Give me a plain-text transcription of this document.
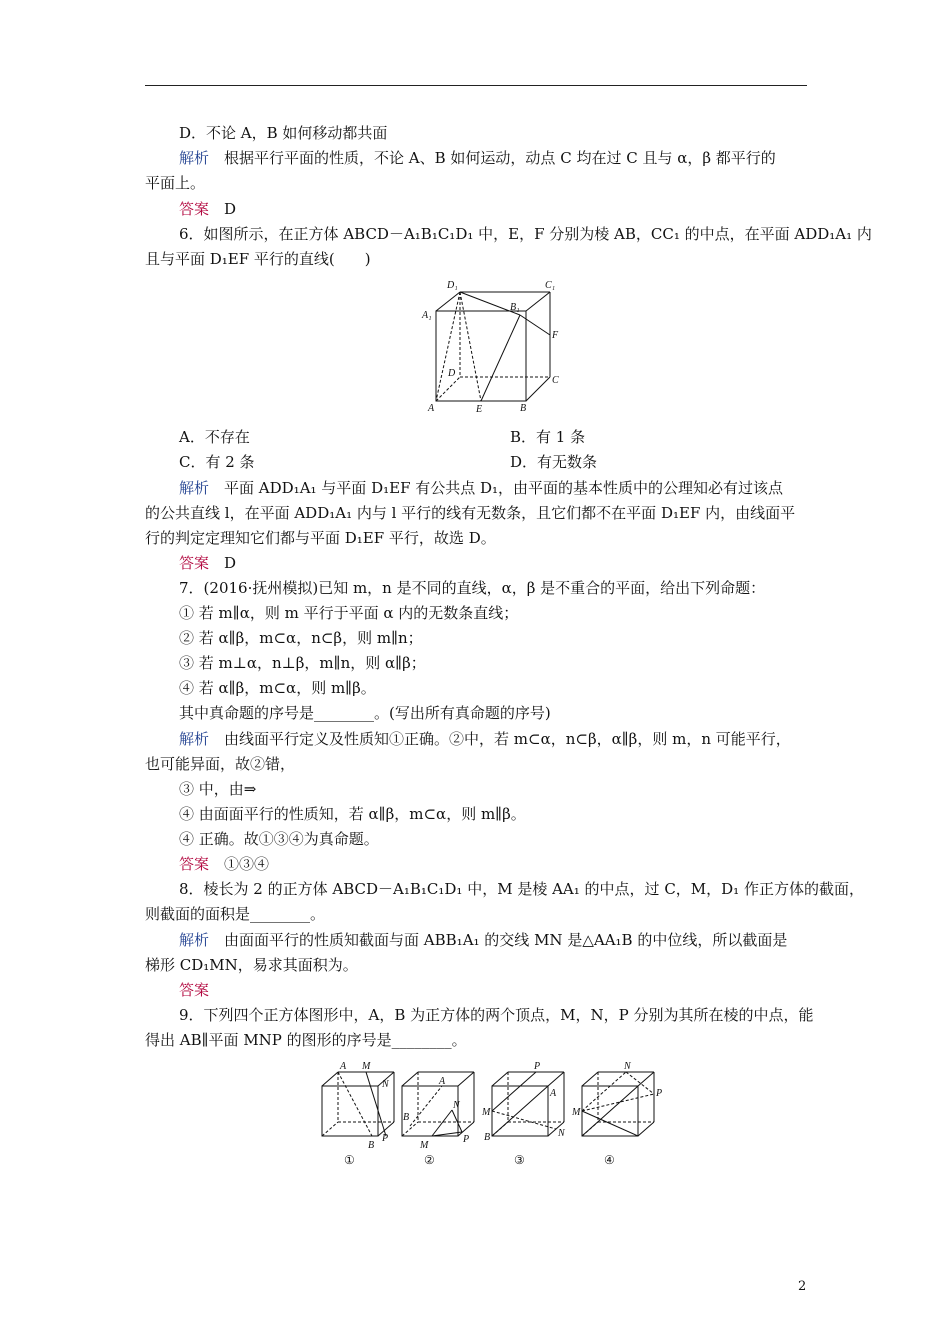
D．不论 A，B 如何移动都共面
解析　 根据平行平面的性质，不论 A、B 如何运动，动点 C 均在过 C 且与 α，β 都平行的
平面上。
答案　 D
6．如图所示，在正方体 ABCD－A₁B₁C₁D₁ 中，E，F 分别为棱 AB，CC₁ 的中点，在平面 ADD₁A₁ 内
且与平面 D₁EF 平行的直线(　　)
D₁	C₁
B₁
A₁
F
D
C
A	E	B
A．不存在	B．有 1 条
C．有 2 条	D．有无数条
解析　 平面 ADD₁A₁ 与平面 D₁EF 有公共点 D₁，由平面的基本性质中的公理知必有过该点
的公共直线 l，在平面 ADD₁A₁ 内与 l 平行的线有无数条，且它们都不在平面 D₁EF 内，由线面平
行的判定定理知它们都与平面 D₁EF 平行，故选 D。
答案　 D
7．(2016·抚州模拟)已知 m，n 是不同的直线，α，β 是不重合的平面，给出下列命题：
① 若 m∥α，则 m 平行于平面 α 内的无数条直线；
② 若 α∥β，m⊂α，n⊂β，则 m∥n；
③ 若 m⊥α，n⊥β，m∥n，则 α∥β；
④ 若 α∥β，m⊂α，则 m∥β。
其中真命题的序号是________。(写出所有真命题的序号)
解析　 由线面平行定义及性质知①正确。②中，若 m⊂α，n⊂β，α∥β，则 m，n 可能平行，
也可能异面，故②错，
③ 中，由⇒
④ 由面面平行的性质知，若 α∥β，m⊂α，则 m∥β。
④ 正确。故①③④为真命题。
答案　 ①③④
8．棱长为 2 的正方体 ABCD－A₁B₁C₁D₁ 中，M 是棱 AA₁ 的中点，过 C，M，D₁ 作正方体的截面，
则截面的面积是________。
解析　 由面面平行的性质知截面与面 ABB₁A₁ 的交线 MN 是△AA₁B 的中位线，所以截面是
梯形 CD₁MN，易求其面积为。
答案
9．下列四个正方体图形中，A，B 为正方体的两个顶点，M，N，P 分别为其所在棱的中点，能
得出 AB∥平面 MNP 的图形的序号是________。
A M
N
B
P
①
A
B
N
M
P
②
P
A
M
N
B
③
N
P
M
④
2
